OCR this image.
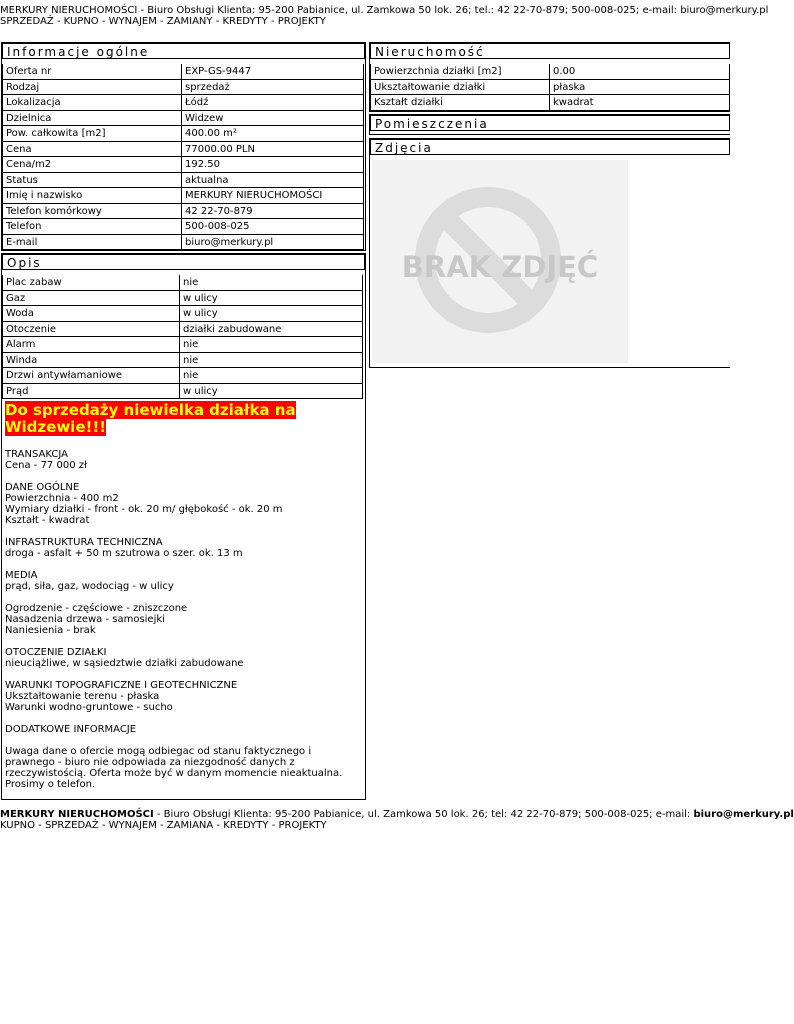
MERKURY NIERUCHOMOŚCI - Biuro Obsługi Klienta: 95-200 Pabianice, ul. Zamkowa 50 lok. 26; tel.: 42 22-70-879; 500-008-025; e-mail: biuro@merkury.pl
SPRZEDAŻ - KUPNO - WYNAJEM - ZAMIANY - KREDYTY - PROJEKTY
Informacje ogólne
Oferta nr	EXP-GS-9447
Rodzaj	sprzedaż
Lokalizacja	Łódź
Dzielnica	Widzew
Pow. całkowita [m2]	400.00 m²
Cena	77000.00 PLN
Cena/m2	192.50
Status	aktualna
Imię i nazwisko	MERKURY NIERUCHOMOŚCI
Telefon komórkowy	42 22-70-879
Telefon	500-008-025
E-mail	biuro@merkury.pl
Opis
Plac zabaw	nie
Gaz	w ulicy
Woda	w ulicy
Otoczenie	działki zabudowane
Alarm	nie
Winda	nie
Drzwi antywłamaniowe	nie
Prąd	w ulicy
Do sprzedaży niewielka działka na Widzewie!!!
TRANSAKCJA
Cena - 77 000 zł

DANE OGÓLNE
Powierzchnia - 400 m2
Wymiary działki - front - ok. 20 m/ głębokość - ok. 20 m
Kształt - kwadrat

INFRASTRUKTURA TECHNICZNA
droga - asfalt + 50 m szutrowa o szer. ok. 13 m

MEDIA
prąd, siła, gaz, wodociąg - w ulicy

Ogrodzenie - częściowe - zniszczone
Nasadzenia drzewa - samosiejki
Naniesienia - brak

OTOCZENIE DZIAŁKI
nieuciążliwe, w sąsiedztwie działki zabudowane

WARUNKI TOPOGRAFICZNE I GEOTECHNICZNE
Ukształtowanie terenu - płaska
Warunki wodno-gruntowe - sucho

DODATKOWE INFORMACJE

Uwaga dane o ofercie mogą odbiegac od stanu faktycznego i
prawnego - biuro nie odpowiada za niezgodność danych z
rzeczywistością. Oferta może być w danym momencie nieaktualna.
Prosimy o telefon.
Nieruchomość
Powierzchnia działki [m2]	0.00
Ukształtowanie działki	płaska
Kształt działki	kwadrat
Pomieszczenia
Zdjęcia
BRAK ZDJĘĆ
MERKURY NIERUCHOMOŚCI - Biuro Obsługi Klienta: 95-200 Pabianice, ul. Zamkowa 50 lok. 26; tel: 42 22-70-879; 500-008-025; e-mail: biuro@merkury.pl
KUPNO - SPRZEDAŻ - WYNAJEM - ZAMIANA - KREDYTY - PROJEKTY
